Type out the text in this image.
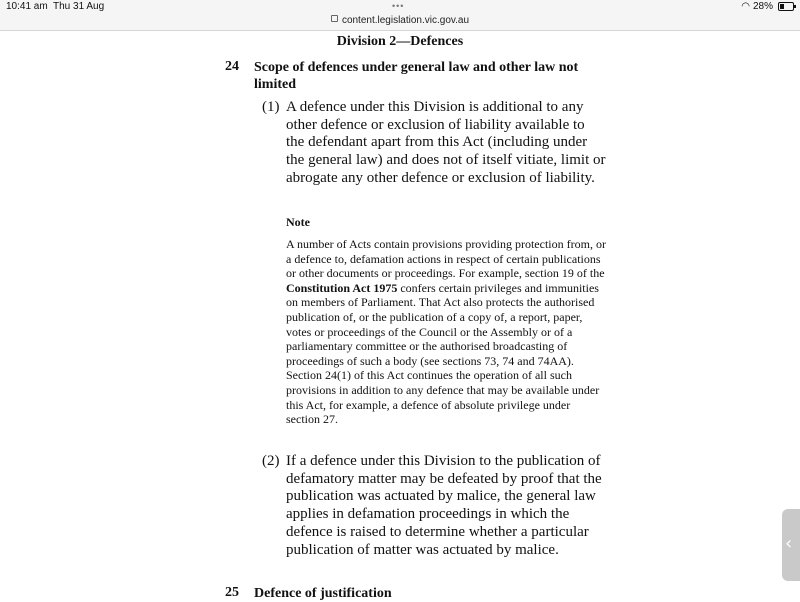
•••
content.legislation.vic.gov.au
10:41 am Thu 31 Aug	◠ 28%
Division 2—Defences
24 Scope of defences under general law and other law not limited
(1) A defence under this Division is additional to any other defence or exclusion of liability available to the defendant apart from this Act (including under the general law) and does not of itself vitiate, limit or abrogate any other defence or exclusion of liability.
Note
A number of Acts contain provisions providing protection from, or a defence to, defamation actions in respect of certain publications or other documents or proceedings. For example, section 19 of the Constitution Act 1975 confers certain privileges and immunities on members of Parliament. That Act also protects the authorised publication of, or the publication of a copy of, a report, paper, votes or proceedings of the Council or the Assembly or of a parliamentary committee or the authorised broadcasting of proceedings of such a body (see sections 73, 74 and 74AA). Section 24(1) of this Act continues the operation of all such provisions in addition to any defence that may be available under this Act, for example, a defence of absolute privilege under section 27.
(2) If a defence under this Division to the publication of defamatory matter may be defeated by proof that the publication was actuated by malice, the general law applies in defamation proceedings in which the defence is raised to determine whether a particular publication of matter was actuated by malice.
25 Defence of justification
‹
